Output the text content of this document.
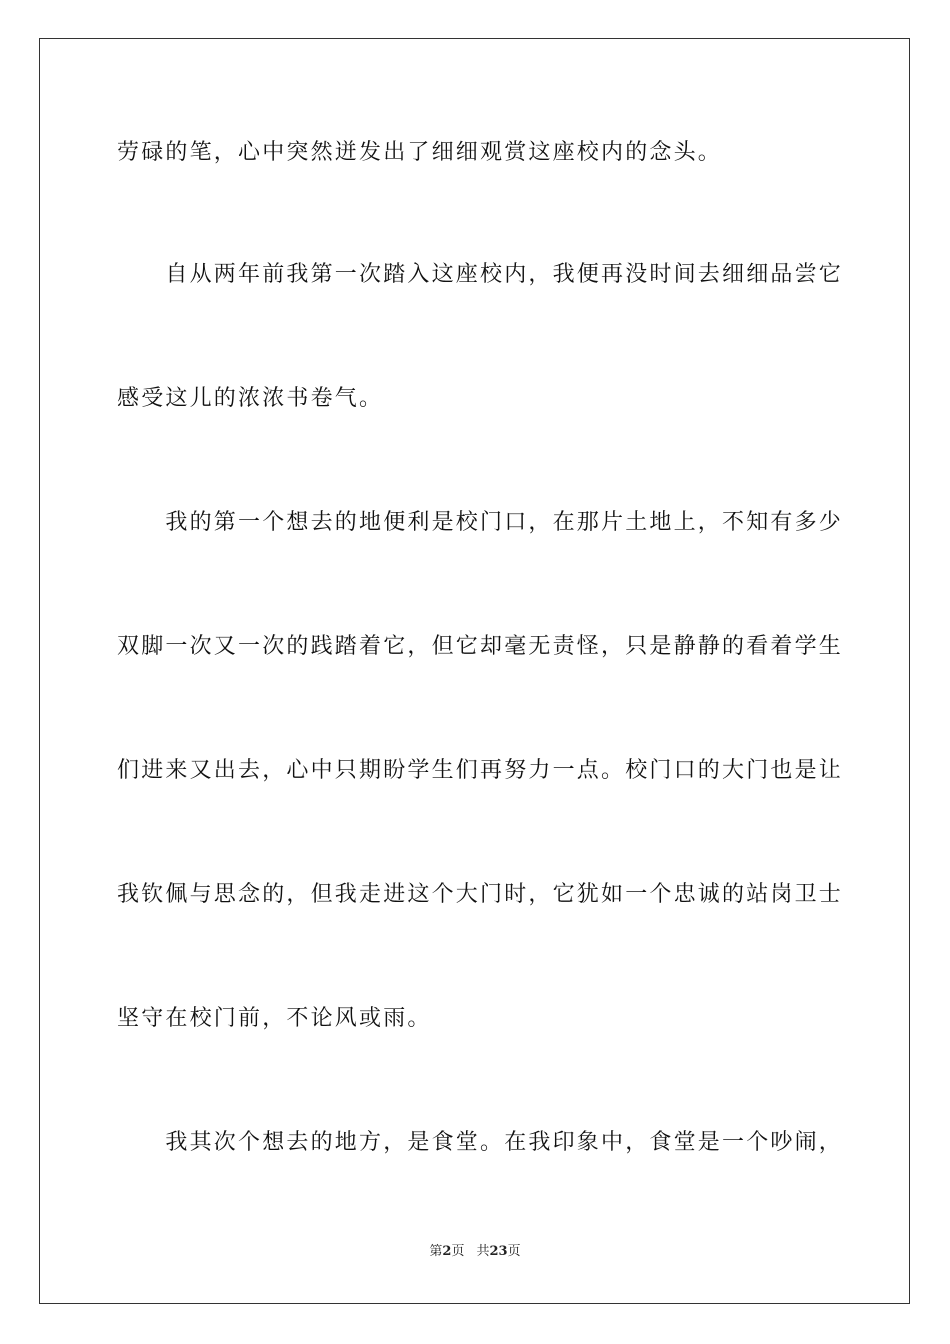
劳碌的笔，心中突然迸发出了细细观赏这座校内的念头。
　　自从两年前我第一次踏入这座校内，我便再没时间去细细品尝它
感受这儿的浓浓书卷气。
　　我的第一个想去的地便利是校门口，在那片土地上，不知有多少
双脚一次又一次的践踏着它，但它却毫无责怪，只是静静的看着学生
们进来又出去，心中只期盼学生们再努力一点。校门口的大门也是让
我钦佩与思念的，但我走进这个大门时，它犹如一个忠诚的站岗卫士
坚守在校门前，不论风或雨。
　　我其次个想去的地方，是食堂。在我印象中，食堂是一个吵闹，
第2页 共23页
